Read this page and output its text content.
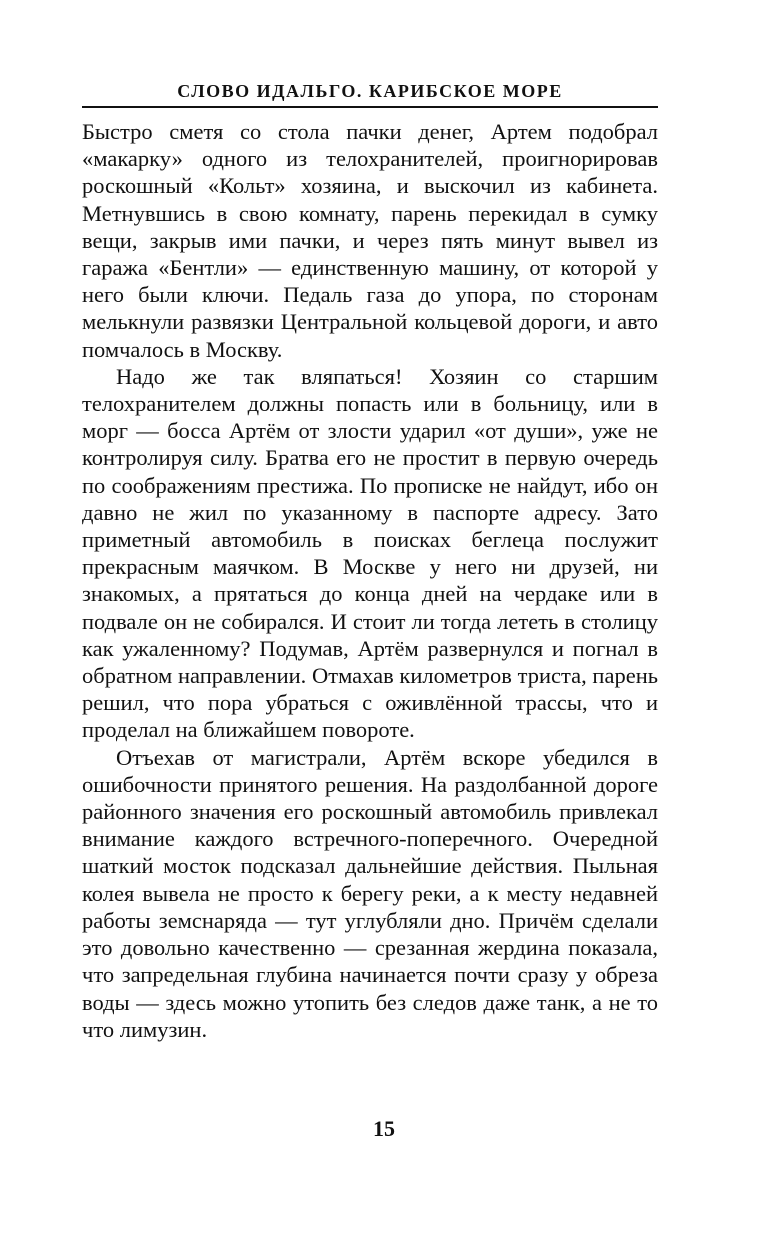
СЛОВО ИДАЛЬГО. КАРИБСКОЕ МОРЕ

Быстро сметя со стола пачки денег, Артем подобрал «макарку» одного из телохранителей, проигнорировав роскошный «Кольт» хозяина, и выскочил из кабинета. Метнувшись в свою комнату, парень перекидал в сумку вещи, закрыв ими пачки, и через пять минут вывел из гаража «Бентли» — единственную машину, от которой у него были ключи. Педаль газа до упора, по сторонам мелькнули развязки Центральной кольцевой дороги, и авто помчалось в Москву.

Надо же так вляпаться! Хозяин со старшим телохранителем должны попасть или в больницу, или в морг — босса Артём от злости ударил «от души», уже не контролируя силу. Братва его не простит в первую очередь по соображениям престижа. По прописке не найдут, ибо он давно не жил по указанному в паспорте адресу. Зато приметный автомобиль в поисках беглеца послужит прекрасным маячком. В Москве у него ни друзей, ни знакомых, а прятаться до конца дней на чердаке или в подвале он не собирался. И стоит ли тогда лететь в столицу как ужаленному? Подумав, Артём развернулся и погнал в обратном направлении. Отмахав километров триста, парень решил, что пора убраться с оживлённой трассы, что и проделал на ближайшем повороте.

Отъехав от магистрали, Артём вскоре убедился в ошибочности принятого решения. На раздолбанной дороге районного значения его роскошный автомобиль привлекал внимание каждого встречного-поперечного. Очередной шаткий мосток подсказал дальнейшие действия. Пыльная колея вывела не просто к берегу реки, а к месту недавней работы земснаряда — тут углубляли дно. Причём сделали это довольно качественно — срезанная жердина показала, что запредельная глубина начинается почти сразу у обреза воды — здесь можно утопить без следов даже танк, а не то что лимузин.

15
